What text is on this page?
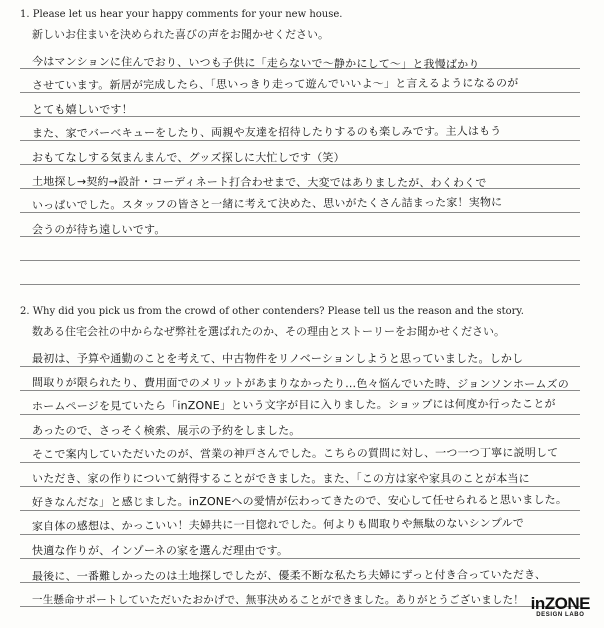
1. Please let us hear your happy comments for your new house.
新しいお住まいを決められた喜びの声をお聞かせください。
今はマンションに住んでおり、いつも子供に「走らないで～静かにして～」と我慢ばかり
させています。新居が完成したら、「思いっきり走って遊んでいいよ～」と言えるようになるのが
とても嬉しいです！
また、家でバーベキューをしたり、両親や友達を招待したりするのも楽しみです。主人はもう
おもてなしする気まんまんで、グッズ探しに大忙しです（笑）
土地探し→契約→設計・コーディネート打合わせまで、大変ではありましたが、わくわくで
いっぱいでした。スタッフの皆さと一緒に考えて決めた、思いがたくさん詰まった家！実物に
会うのが待ち遠しいです。
2. Why did you pick us from the crowd of other contenders? Please tell us the reason and the story.
数ある住宅会社の中からなぜ弊社を選ばれたのか、その理由とストーリーをお聞かせください。
最初は、予算や通勤のことを考えて、中古物件をリノベーションしようと思っていました。しかし
間取りが限られたり、費用面でのメリットがあまりなかったり…色々悩んでいた時、ジョンソンホームズの
ホームページを見ていたら「inZONE」という文字が目に入りました。ショップには何度か行ったことが
あったので、さっそく検索、展示の予約をしました。
そこで案内していただいたのが、営業の神戸さんでした。こちらの質問に対し、一つ一つ丁寧に説明して
いただき、家の作りについて納得することができました。また、「この方は家や家具のことが本当に
好きなんだな」と感じました。inZONEへの愛情が伝わってきたので、安心して任せられると思いました。
家自体の感想は、かっこいい！夫婦共に一目惚れでした。何よりも間取りや無駄のないシンプルで
快適な作りが、インゾーネの家を選んだ理由です。
最後に、一番難しかったのは土地探しでしたが、優柔不断な私たち夫婦にずっと付き合っていただき、
一生懸命サポートしていただいたおかげで、無事決めることができました。ありがとうございました！ inZONE
DESIGN LABO
